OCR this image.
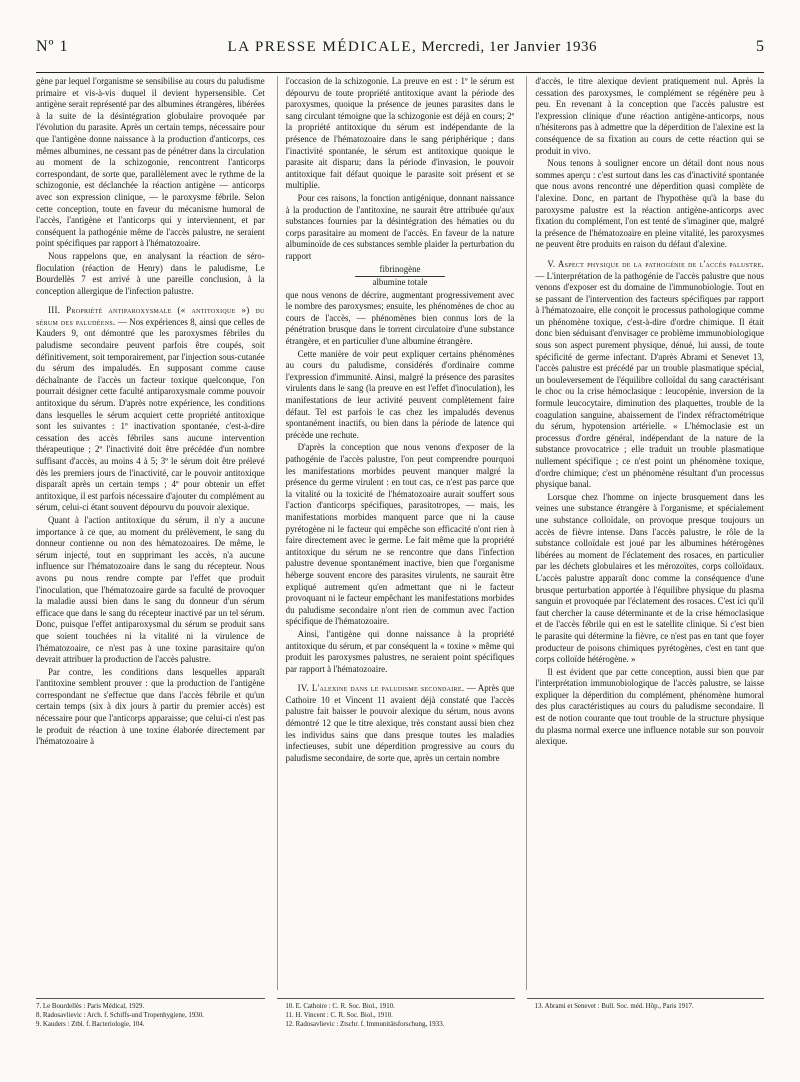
Nº 1	LA PRESSE MÉDICALE, Mercredi, 1er Janvier 1936	5

gène par lequel l'organisme se sensibilise au cours du paludisme primaire et vis-à-vis duquel il devient hypersensible. Cet antigène serait représenté par des albumines étrangères, libérées à la suite de la désintégration globulaire provoquée par l'évolution du parasite. Après un certain temps, nécessaire pour que l'antigène donne naissance à la production d'anticorps, ces mêmes albumines, ne cessant pas de pénétrer dans la circulation au moment de la schizogonie, rencontrent l'anticorps correspondant, de sorte que, parallèlement avec le rythme de la schizogonie, est déclanchée la réaction antigène — anticorps avec son expression clinique, — le paroxysme fébrile. Selon cette conception, toute en faveur du mécanisme humoral de l'accès, l'antigène et l'anticorps qui y interviennent, et par conséquent la pathogénie même de l'accès palustre, ne seraient point spécifiques par rapport à l'hématozoaire.

Nous rappelons que, en analysant la réaction de séro-floculation (réaction de Henry) dans le paludisme, Le Bourdellès 7 est arrivé à une pareille conclusion, à la conception allergique de l'infection palustre.

III. Propriété antiparoxysmale (« antitoxique ») du sérum des paludéens. — Nos expériences 8, ainsi que celles de Kauders 9, ont démontré que les paroxysmes fébriles du paludisme secondaire peuvent parfois être coupés, soit définitivement, soit temporairement, par l'injection sous-cutanée du sérum des impaludés. En supposant comme cause déchaînante de l'accès un facteur toxique quelconque, l'on pourrait désigner cette faculté antiparoxysmale comme pouvoir antitoxique du sérum. D'après notre expérience, les conditions dans lesquelles le sérum acquiert cette propriété antitoxique sont les suivantes : 1º inactivation spontanée, c'est-à-dire cessation des accès fébriles sans aucune intervention thérapeutique ; 2º l'inactivité doit être précédée d'un nombre suffisant d'accès, au moins 4 à 5; 3º le sérum doit être prélevé dès les premiers jours de l'inactivité, car le pouvoir antitoxique disparaît après un certain temps ; 4º pour obtenir un effet antitoxique, il est parfois nécessaire d'ajouter du complément au sérum, celui-ci étant souvent dépourvu du pouvoir alexique.

Quant à l'action antitoxique du sérum, il n'y a aucune importance à ce que, au moment du prélèvement, le sang du donneur contienne ou non des hématozoaires. De même, le sérum injecté, tout en supprimant les accès, n'a aucune influence sur l'hématozoaire dans le sang du récepteur. Nous avons pu nous rendre compte par l'effet que produit l'inoculation, que l'hématozoaire garde sa faculté de provoquer la maladie aussi bien dans le sang du donneur d'un sérum efficace que dans le sang du récepteur inactivé par un tel sérum. Donc, puisque l'effet antiparoxysmal du sérum se produit sans que soient touchées ni la vitalité ni la virulence de l'hématozoaire, ce n'est pas à une toxine parasitaire qu'on devrait attribuer la production de l'accès palustre.

Par contre, les conditions dans lesquelles apparaît l'antitoxine semblent prouver : que la production de l'antigène correspondant ne s'effectue que dans l'accès fébrile et qu'un certain temps (six à dix jours à partir du premier accès) est nécessaire pour que l'anticorps apparaisse; que celui-ci n'est pas le produit de réaction à une toxine élaborée directement par l'hématozoaire à

l'occasion de la schizogonie. La preuve en est : 1º le sérum est dépourvu de toute propriété antitoxique avant la période des paroxysmes, quoique la présence de jeunes parasites dans le sang circulant témoigne que la schizogonie est déjà en cours; 2º la propriété antitoxique du sérum est indépendante de la présence de l'hématozoaire dans le sang périphérique ; dans l'inactivité spontanée, le sérum est antitoxique quoique le parasite ait disparu; dans la période d'invasion, le pouvoir antitoxique fait défaut quoique le parasite soit présent et se multiplie.

Pour ces raisons, la fonction antigénique, donnant naissance à la production de l'antitoxine, ne saurait être attribuée qu'aux substances fournies par la désintégration des hématies ou du corps parasitaire au moment de l'accès. En faveur de la nature albuminoïde de ces substances semble plaider la perturbation du rapport

fibrinogène

albumine totale

que nous venons de décrire, augmentant progressivement avec le nombre des paroxysmes; ensuite, les phénomènes de choc au cours de l'accès, — phénomènes bien connus lors de la pénétration brusque dans le torrent circulatoire d'une substance étrangère, et en particulier d'une albumine étrangère.

Cette manière de voir peut expliquer certains phénomènes au cours du paludisme, considérés d'ordinaire comme l'expression d'immunité. Ainsi, malgré la présence des parasites virulents dans le sang (la preuve en est l'effet d'inoculation), les manifestations de leur activité peuvent complètement faire défaut. Tel est parfois le cas chez les impaludés devenus spontanément inactifs, ou bien dans la période de latence qui précède une rechute.

D'après la conception que nous venons d'exposer de la pathogénie de l'accès palustre, l'on peut comprendre pourquoi les manifestations morbides peuvent manquer malgré la présence du germe virulent : en tout cas, ce n'est pas parce que la vitalité ou la toxicité de l'hématozoaire aurait souffert sous l'action d'anticorps spécifiques, parasitotropes, — mais, les manifestations morbides manquent parce que ni la cause pyrétogène ni le facteur qui empêche son efficacité n'ont rien à faire directement avec le germe. Le fait même que la propriété antitoxique du sérum ne se rencontre que dans l'infection palustre devenue spontanément inactive, bien que l'organisme héberge souvent encore des parasites virulents, ne saurait être expliqué autrement qu'en admettant que ni le facteur provoquant ni le facteur empêchant les manifestations morbides du paludisme secondaire n'ont rien de commun avec l'action spécifique de l'hématozoaire.

Ainsi, l'antigène qui donne naissance à la propriété antitoxique du sérum, et par conséquent la « toxine » même qui produit les paroxysmes palustres, ne seraient point spécifiques par rapport à l'hématozoaire.

IV. L'alexine dans le paludisme secondaire. — Après que Cathoire 10 et Vincent 11 avaient déjà constaté que l'accès palustre fait baisser le pouvoir alexique du sérum, nous avons démontré 12 que le titre alexique, très constant aussi bien chez les individus sains que dans presque toutes les maladies infectieuses, subit une déperdition progressive au cours du paludisme secondaire, de sorte que, après un certain nombre

d'accès, le titre alexique devient pratiquement nul. Après la cessation des paroxysmes, le complément se régénère peu à peu. En revenant à la conception que l'accès palustre est l'expression clinique d'une réaction antigène-anticorps, nous n'hésiterons pas à admettre que la déperdition de l'alexine est la conséquence de sa fixation au cours de cette réaction qui se produit in vivo.

Nous tenons à souligner encore un détail dont nous nous sommes aperçu : c'est surtout dans les cas d'inactivité spontanée que nous avons rencontré une déperdition quasi complète de l'alexine. Donc, en partant de l'hypothèse qu'à la base du paroxysme palustre est la réaction antigène-anticorps avec fixation du complément, l'on est tenté de s'imaginer que, malgré la présence de l'hématozoaire en pleine vitalité, les paroxysmes ne peuvent être produits en raison du défaut d'alexine.

V. Aspect physique de la pathogénie de l'accès palustre. — L'interprétation de la pathogénie de l'accès palustre que nous venons d'exposer est du domaine de l'immunobiologie. Tout en se passant de l'intervention des facteurs spécifiques par rapport à l'hématozoaire, elle conçoit le processus pathologique comme un phénomène toxique, c'est-à-dire d'ordre chimique. Il était donc bien séduisant d'envisager ce problème immunobiologique sous son aspect purement physique, dénué, lui aussi, de toute spécificité de germe infectant. D'après Abrami et Senevet 13, l'accès palustre est précédé par un trouble plasmatique spécial, un bouleversement de l'équilibre colloïdal du sang caractérisant le choc ou la crise hémoclasique : leucopénie, inversion de la formule leucocytaire, diminution des plaquettes, trouble de la coagulation sanguine, abaissement de l'index réfractométrique du sérum, hypotension artérielle. « L'hémoclasie est un processus d'ordre général, indépendant de la nature de la substance provocatrice ; elle traduit un trouble plasmatique nullement spécifique ; ce n'est point un phénomène toxique, d'ordre chimique; c'est un phénomène résultant d'un processus physique banal.

Lorsque chez l'homme on injecte brusquement dans les veines une substance étrangère à l'organisme, et spécialement une substance colloïdale, on provoque presque toujours un accès de fièvre intense. Dans l'accès palustre, le rôle de la substance colloïdale est joué par les albumines hétérogènes libérées au moment de l'éclatement des rosaces, en particulier par les déchets globulaires et les mérozoïtes, corps colloïdaux. L'accès palustre apparaît donc comme la conséquence d'une brusque perturbation apportée à l'équilibre physique du plasma sanguin et provoquée par l'éclatement des rosaces. C'est ici qu'il faut chercher la cause déterminante et de la crise hémoclasique et de l'accès fébrile qui en est le satellite clinique. Si c'est bien le parasite qui détermine la fièvre, ce n'est pas en tant que foyer producteur de poisons chimiques pyrétogènes, c'est en tant que corps colloïde hétérogène. »

Il est évident que par cette conception, aussi bien que par l'interprétation immunobiologique de l'accès palustre, se laisse expliquer la déperdition du complément, phénomène humoral des plus caractéristiques au cours du paludisme secondaire. Il est de notion courante que tout trouble de la structure physique du plasma normal exerce une influence notable sur son pouvoir alexique.

7. Le Bourdellès : Paris Médical, 1929.
8. Radosavlievic : Arch. f. Schiffs-und Tropenhygiene, 1930.
9. Kauders : Ztbl. f. Bacteriologie, 104.
10. E. Cathoire : C. R. Soc. Biol., 1910.
11. H. Vincent : C. R. Soc. Biol., 1910.
12. Radosavlievic : Ztschr. f. Immunitätsforschung, 1933.
13. Abrami et Senevet : Bull. Soc. méd. Hôp., Paris 1917.
